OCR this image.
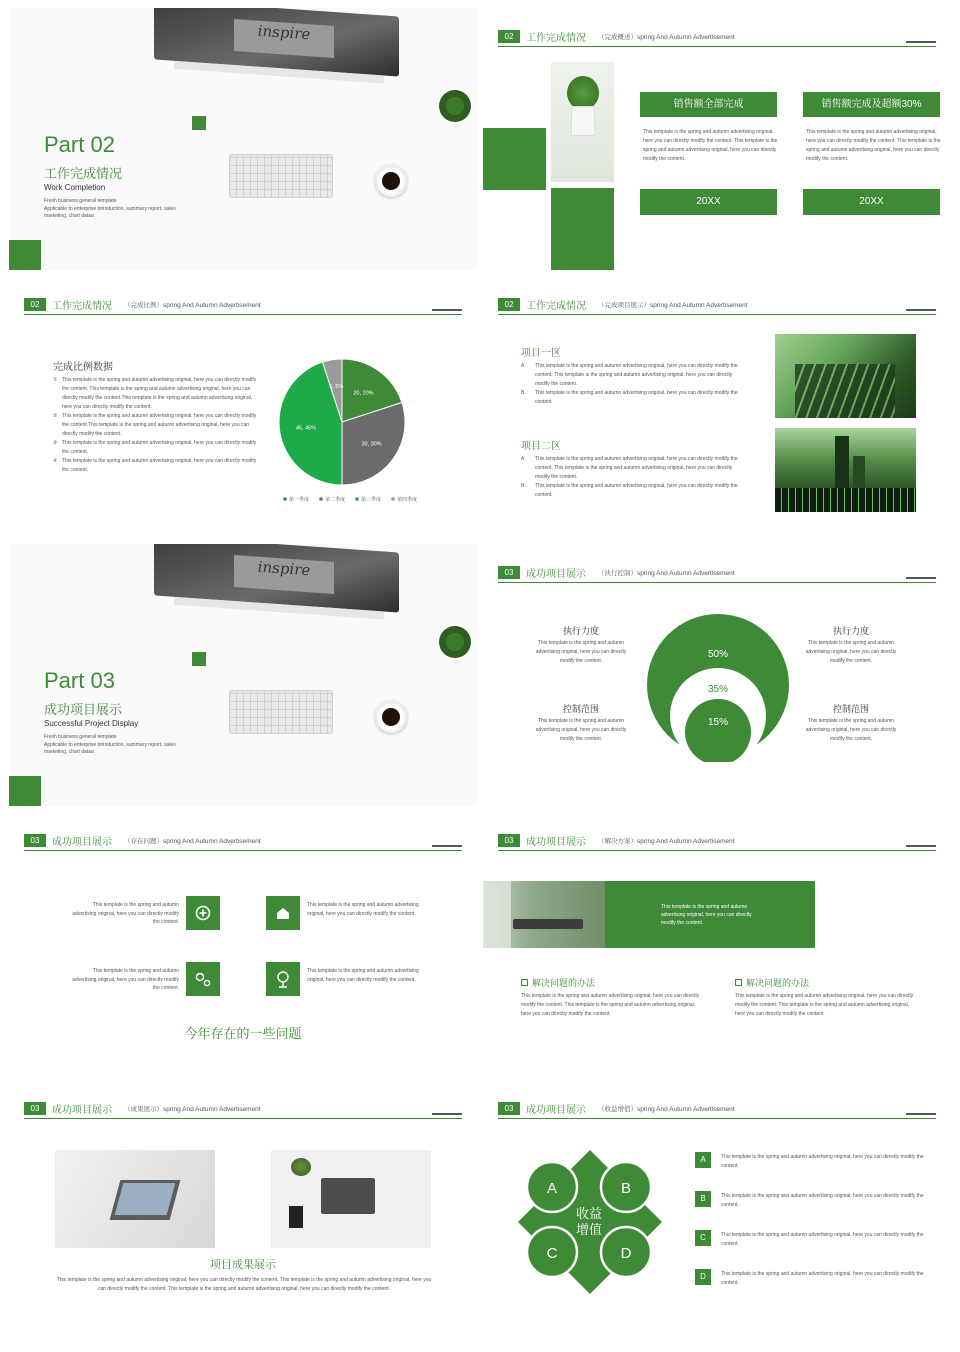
inspire
Part 02
工作完成情况
Work Completion
Fresh business general template
Applicable to enterprise introduction, summary report, sales
marketing, chart dataa
02	工作完成情况 （完成概述）spring And Autumn Advertisement
销售额全部完成	销售额完成及超额30%
This template is the spring and autumn advertising original, here you can directly modify the content. This template is the spring and autumn advertising original, here you can directly modify the content.
This template is the spring and autumn advertising original, here you can directly modify the content. This template is the spring and autumn advertising original, here you can directly modify the content.
20XX	20XX
02	工作完成情况 （完成比例）spring And Autumn Advertisement
完成比例数据
① This template is the spring and autumn advertising original, here you can directly modify the content. This template is the spring and autumn advertising original, here you can directly modify the content.This template is the spring and autumn advertising original, here you can directly modify the content.
② This template is the spring and autumn advertising original, here you can directly modify the content.This template is the spring and autumn advertising original, here you can directly modify the content.
③ This template is the spring and autumn advertising original, here you can directly modify the content.
④ This template is the spring and autumn advertising original, here you can directly modify the content.
20, 20%
30, 30%
45, 45%
5, 5%
第一季度	第二季度	第三季度	第四季度
02	工作完成情况 （完成项目展示）spring And Autumn Advertisement
项目一区
A.	This template is the spring and autumn advertising original, here you can directly modify the content. This template is the spring and autumn advertising original, here you can directly modify the content.
B.	This template is the spring and autumn advertising original, here you can directly modify the content.
项目二区
A.	This template is the spring and autumn advertising original, here you can directly modify the content. This template is the spring and autumn advertising original, here you can directly modify the content.
B.	This template is the spring and autumn advertising original, here you can directly modify the content.
inspire
Part 03
成功项目展示
Successful Project Display
Fresh business general template
Applicable to enterprise introduction, summary report, sales
marketing, chart dataa
03	成功项目展示 （执行控制）spring And Autumn Advertisement
执行力度
This template is the spring and autumn advertising original, here you can directly modify the content.
控制范围
This template is the spring and autumn advertising original, here you can directly modify the content.
执行力度
This template is the spring and autumn advertising original, here you can directly modify the content.
控制范围
This template is the spring and autumn advertising original, here you can directly modify the content.
50%
35%
15%
03	成功项目展示 （存在问题）spring And Autumn Advertisement
This template is the spring and autumn advertising original, here you can directly modify the content.
This template is the spring and autumn advertising original, here you can directly modify the content.
This template is the spring and autumn advertising original, here you can directly modify the content.
This template is the spring and autumn advertising original, here you can directly modify the content.
今年存在的一些问题
03	成功项目展示 （解决方案）spring And Autumn Advertisement
This template is the spring and autumn advertising original, here you can directly modify the content.
解决问题的办法
This template is the spring and autumn advertising original, here you can directly modify the content. This template is the spring and autumn advertising original, here you can directly modify the content.
解决问题的办法
This template is the spring and autumn advertising original, here you can directly modify the content. This template is the spring and autumn advertising original, here you can directly modify the content.
03	成功项目展示 （成果展示）spring And Autumn Advertisement
项目成果展示
This template is the spring and autumn advertising original, here you can directly modify the content. This template is the spring and autumn advertising original, here you can directly modify the content. This template is the spring and autumn advertising original, here you can directly modify the content.
03	成功项目展示 （收益增值）spring And Autumn Advertisement
A	B
C	D
收益
增值
A	This template is the spring and autumn advertising original, here you can directly modify the content.
B	This template is the spring and autumn advertising original, here you can directly modify the content.
C	This template is the spring and autumn advertising original, here you can directly modify the content.
D	This template is the spring and autumn advertising original, here you can directly modify the content.
